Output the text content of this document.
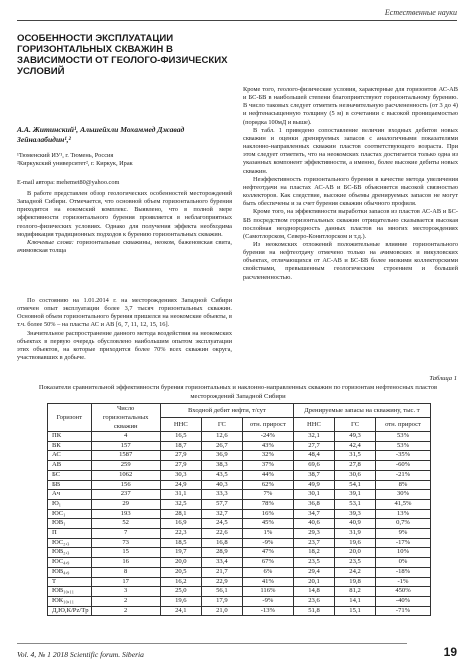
Естественные науки
ОСОБЕННОСТИ ЭКСПЛУАТАЦИИ ГОРИЗОНТАЛЬНЫХ СКВАЖИН В ЗАВИСИМОСТИ ОТ ГЕОЛОГО-ФИЗИЧЕСКИХ УСЛОВИЙ
А.А. Житинский¹, Альшейхли Мохаммед Джавад Зейналабидин¹,²
¹Тюменский ИУ¹, г. Тюмень, Россия
²Киркукский университет², г. Киркук, Ирак
E-mail автора: mehemet80@yahoo.com

В работе представлен обзор геологических особенностей месторождений Западной Сибири. Отмечается, что основной объем горизонтального бурения приходится на еокомский комплекс. Выявлено, что в полной мере эффективности горизонтального бурения проявляется в неблагоприятных геолого-физических условиях. Однако для получения эффекта необходима модификация традиционных подходов к бурению горизонтальных скважин.

Ключевые слова: горизонтальные скважины, неоком, баженовская свита, ачимовская толща

По состоянию на 1.01.2014 г. на месторождениях Западной Сибири отмечен опыт эксплуатации более 3,7 тысяч горизонтальных скважин. Основной объем горизонтального бурения пришелся на неокомские объекты, в т.ч. более 50% – на пласты АС и АВ [6, 7, 11, 12, 15, 16].

Значительное распространение данного метода воздействия на неокомских объектах в первую очередь обусловлено наибольшим опытом эксплуатации этих объектов, на которые приходится более 70% всех скважин округа, участвовавших в добыче.

Кроме того, геолого-физические условия, характерные для горизонтов АС-АВ и БС-БВ в наибольшей степени благоприятствуют горизонтальному бурению. В число таковых следует отметить незначительную расчлененность (от 3 до 4) и нефтенасыщенную толщину (5 м) в сочетании с высокой проницаемостью (порядка 100мД и выше).

В табл. 1 приведено сопоставление величин входных дебитов новых скважин и оценки дренируемых запасов с аналогичными показателями наклонно-направленных скважин пластов соответствующего возраста. При этом следует отметить, что на неокомских пластах достигается только одна из указанных компонент эффективности, а именно, более высокие дебиты новых скважин.

Неэффективность горизонтального бурения в качестве метода увеличения нефтеотдачи на пластах АС-АВ и БС-БВ объясняется высокой связностью коллекторов. Как следствие, высокие объемы дренируемых запасов не могут быть обеспечены и за счет бурения скважин обычного профиля.

Кроме того, на эффективности выработки запасов из пластов АС-АВ и БС-БВ посредством горизонтальных скважин отрицательно сказывается высокая послойная неоднородность данных пластов на многих месторождениях (Самотлорском, Северо-Конитлорском и т.д.).

Из неокомских отложений положительные влияние горизонтального бурения на нефтеотдачу отмечено только на ачимовских и викуловских объектах, отличающихся от АС-АВ и БС-БВ более низкими коллекторскими свойствами, превышенным геологическим строением и большей расчлененностью.

Таблица 1
Показатели сравнительной эффективности бурения горизонтальных и наклонно-направленных скважин по горизонтам нефтеносных пластов месторождений Западной Сибири
Горизонт	Число горизонтальных скважин	Входной дебит нефти, т/сут			Дренируемые запасы на скважину, тыс. т		
		ННС	ГС	отн. прирост	ННС	ГС	отн. прирост
ПК	4	16,5	12,6	-24%	32,1	49,3	53%
ВК	157	18,7	26,7	43%	27,7	42,4	53%
АС	1587	27,9	36,9	32%	48,4	31,5	-35%
АВ	259	27,9	38,3	37%	69,6	27,8	-60%
БС	1062	30,3	43,5	44%	38,7	30,6	-21%
БВ	156	24,9	40,3	62%	49,9	54,1	8%
Ач	237	31,1	33,3	7%	30,1	39,1	30%
Ю₁	29	32,5	57,7	78%	36,8	53,1	41,5%
ЮС₁	193	28,1	32,7	16%	34,7	39,3	13%
ЮВ₁	52	16,9	24,5	45%	40,6	40,9	0,7%
П	7	22,3	22,6	1%	29,3	31,9	9%
ЮС₂,₃	73	18,5	16,8	-9%	23,7	19,6	-17%
ЮВ₂,₃	15	19,7	28,9	47%	18,2	20,0	10%
ЮС₄,₉	16	20,0	33,4	67%	23,5	23,5	0%
ЮВ₄,₉	8	20,5	21,7	6%	29,4	24,2	-18%
Т	17	16,2	22,9	41%	20,1	19,8	-1%
ЮВ₁₀,₁₁	3	25,0	56,1	116%	14,8	81,2	450%
ЮК₁₀,₁₁	2	19,6	17,9	-9%	23,6	14,1	-40%
Д,Ю,К/Pz/Tр	2	24,1	21,0	-13%	51,8	15,1	-71%
Vol. 4, № 1 2018 Scientific forum. Siberia	19
